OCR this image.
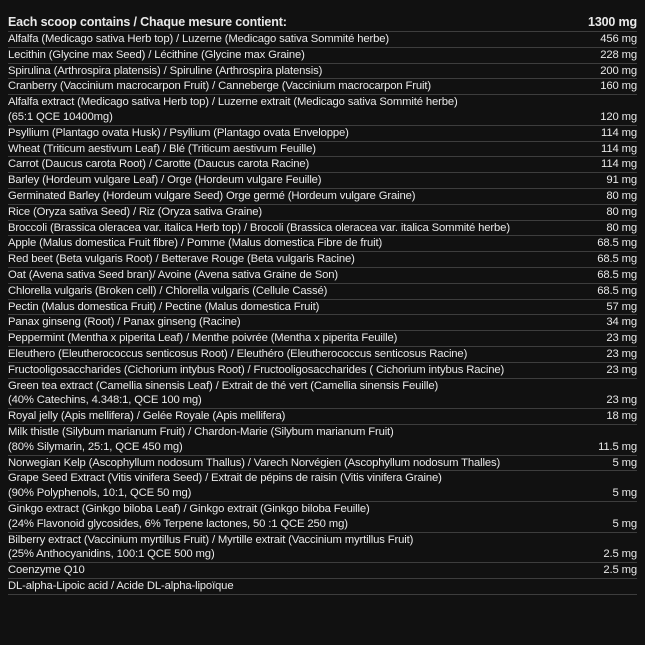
Each scoop contains / Chaque mesure contient:	1300 mg
Alfalfa (Medicago sativa Herb top) / Luzerne (Medicago sativa Sommité herbe)	456 mg
Lecithin (Glycine max Seed) / Lécithine (Glycine max Graine)	228 mg
Spirulina (Arthrospira platensis) / Spiruline (Arthrospira platensis)	200 mg
Cranberry (Vaccinium macrocarpon Fruit) / Canneberge (Vaccinium macrocarpon Fruit)	160 mg
Alfalfa extract (Medicago sativa Herb top) / Luzerne extrait (Medicago sativa Sommité herbe)
(65:1 QCE 10400mg)	120 mg
Psyllium (Plantago ovata Husk) / Psyllium (Plantago ovata Enveloppe)	114 mg
Wheat (Triticum aestivum Leaf) / Blé (Triticum aestivum Feuille)	114 mg
Carrot (Daucus carota Root) / Carotte (Daucus carota Racine)	114 mg
Barley (Hordeum vulgare Leaf) / Orge (Hordeum vulgare Feuille)	91 mg
Germinated Barley (Hordeum vulgare Seed) Orge germé (Hordeum vulgare Graine)	80 mg
Rice (Oryza sativa Seed) / Riz (Oryza sativa Graine)	80 mg
Broccoli (Brassica oleracea var. italica Herb top) / Brocoli (Brassica oleracea var. italica Sommité herbe)	80 mg
Apple (Malus domestica Fruit fibre) / Pomme (Malus domestica Fibre de fruit)	68.5 mg
Red beet (Beta vulgaris Root) / Betterave Rouge (Beta vulgaris Racine)	68.5 mg
Oat (Avena sativa Seed bran)/ Avoine (Avena sativa Graine de Son)	68.5 mg
Chlorella vulgaris (Broken cell) / Chlorella vulgaris (Cellule Cassé)	68.5 mg
Pectin (Malus domestica Fruit) / Pectine (Malus domestica Fruit)	57 mg
Panax ginseng (Root) / Panax ginseng (Racine)	34 mg
Peppermint (Mentha x piperita Leaf) / Menthe poivrée (Mentha x piperita Feuille)	23 mg
Eleuthero (Eleutherococcus senticosus Root) / Eleuthéro (Eleutherococcus senticosus Racine)	23 mg
Fructooligosaccharides (Cichorium intybus Root) / Fructooligosaccharides ( Cichorium intybus Racine)	23 mg
Green tea extract (Camellia sinensis Leaf) / Extrait de thé vert (Camellia sinensis Feuille)
(40% Catechins, 4.348:1, QCE 100 mg)	23 mg
Royal jelly (Apis mellifera) / Gelée Royale (Apis mellifera)	18 mg
Milk thistle (Silybum marianum Fruit) / Chardon-Marie (Silybum marianum Fruit)
(80% Silymarin, 25:1, QCE 450 mg)	11.5 mg
Norwegian Kelp (Ascophyllum nodosum Thallus) / Varech Norvégien (Ascophyllum nodosum Thalles)	5 mg
Grape Seed Extract (Vitis vinifera Seed) / Extrait de pépins de raisin (Vitis vinifera Graine)
(90% Polyphenols, 10:1, QCE 50 mg)	5 mg
Ginkgo extract (Ginkgo biloba Leaf) / Ginkgo extrait (Ginkgo biloba Feuille)
(24% Flavonoid glycosides, 6% Terpene lactones, 50 :1 QCE 250 mg)	5 mg
Bilberry extract (Vaccinium myrtillus Fruit) / Myrtille extrait (Vaccinium myrtillus Fruit)
(25% Anthocyanidins, 100:1 QCE 500 mg)	2.5 mg
Coenzyme Q10	2.5 mg
DL-alpha-Lipoic acid / Acide DL-alpha-lipoïque
